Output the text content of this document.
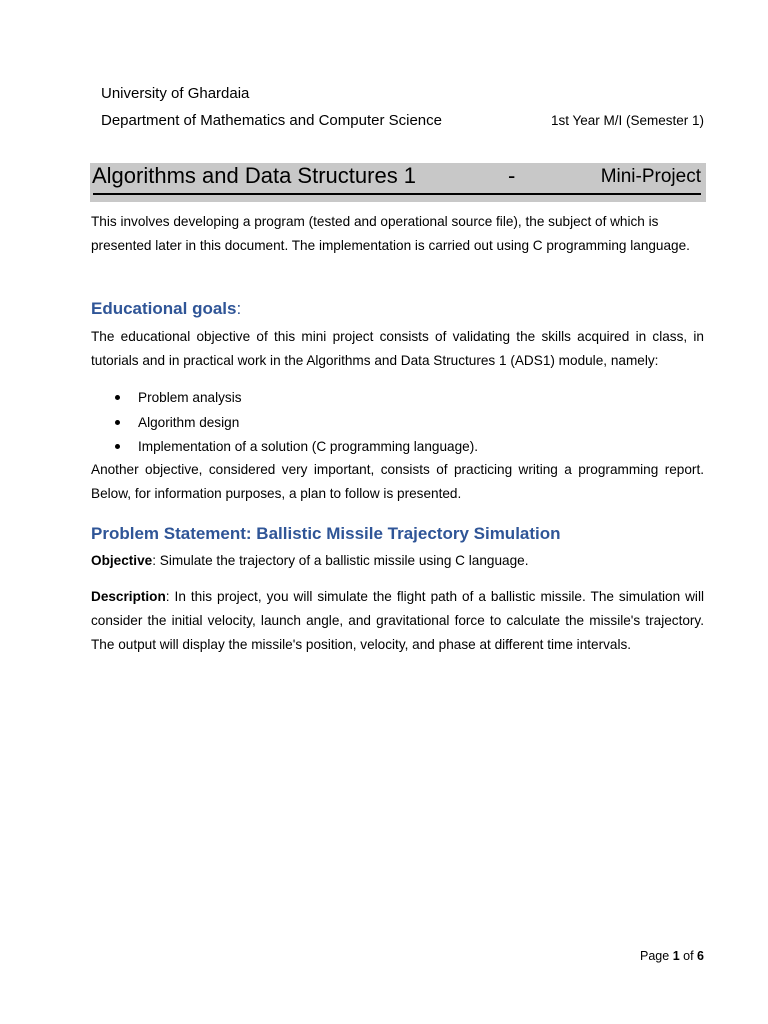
University of Ghardaia
Department of Mathematics and Computer Science	1st Year M/I (Semester 1)
Algorithms and Data Structures 1	-	Mini-Project
This involves developing a program (tested and operational source file), the subject of which is presented later in this document. The implementation is carried out using C programming language.
Educational goals:
The educational objective of this mini project consists of validating the skills acquired in class, in tutorials and in practical work in the Algorithms and Data Structures 1 (ADS1) module, namely:
Problem analysis
Algorithm design
Implementation of a solution (C programming language).
Another objective, considered very important, consists of practicing writing a programming report. Below, for information purposes, a plan to follow is presented.
Problem Statement: Ballistic Missile Trajectory Simulation
Objective: Simulate the trajectory of a ballistic missile using C language.
Description: In this project, you will simulate the flight path of a ballistic missile. The simulation will consider the initial velocity, launch angle, and gravitational force to calculate the missile's trajectory. The output will display the missile's position, velocity, and phase at different time intervals.
Page 1 of 6
